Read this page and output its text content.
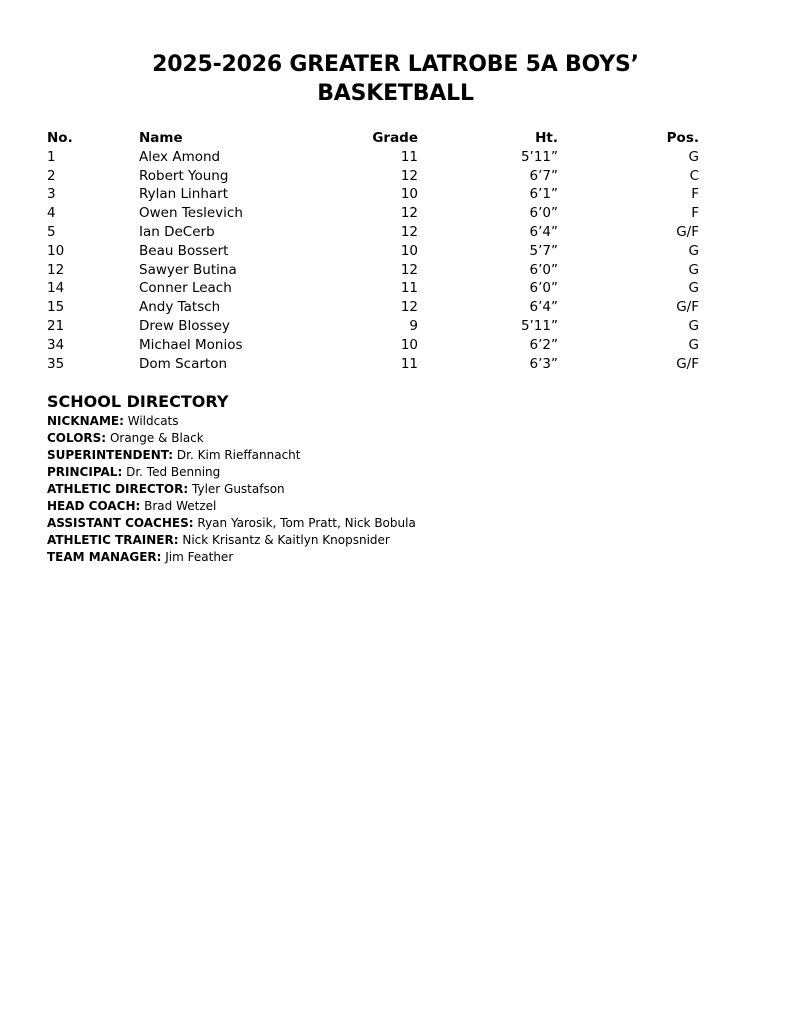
2025-2026 GREATER LATROBE 5A BOYS’
BASKETBALL
No.	Name	Grade	Ht.	Pos.
1	Alex Amond	11	5’11”	G
2	Robert Young	12	6’7”	C
3	Rylan Linhart	10	6’1”	F
4	Owen Teslevich	12	6’0”	F
5	Ian DeCerb	12	6’4”	G/F
10	Beau Bossert	10	5’7”	G
12	Sawyer Butina	12	6’0”	G
14	Conner Leach	11	6’0”	G
15	Andy Tatsch	12	6’4”	G/F
21	Drew Blossey	9	5’11”	G
34	Michael Monios	10	6’2”	G
35	Dom Scarton	11	6’3”	G/F
SCHOOL DIRECTORY
NICKNAME: Wildcats
COLORS: Orange & Black
SUPERINTENDENT: Dr. Kim Rieffannacht
PRINCIPAL: Dr. Ted Benning
ATHLETIC DIRECTOR: Tyler Gustafson
HEAD COACH: Brad Wetzel
ASSISTANT COACHES: Ryan Yarosik, Tom Pratt, Nick Bobula
ATHLETIC TRAINER: Nick Krisantz & Kaitlyn Knopsnider
TEAM MANAGER: Jim Feather
